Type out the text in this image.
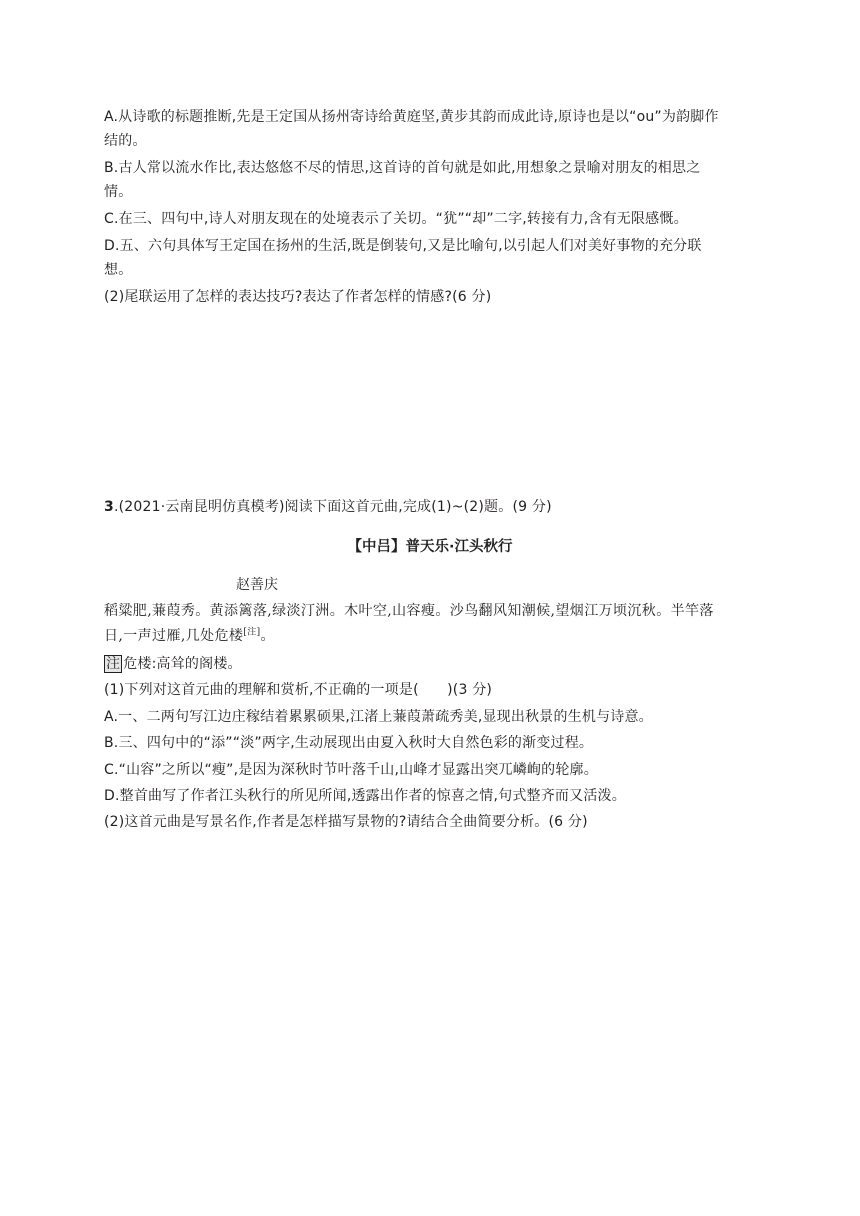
A.从诗歌的标题推断,先是王定国从扬州寄诗给黄庭坚,黄步其韵而成此诗,原诗也是以“ou”为韵脚作
结的。
B.古人常以流水作比,表达悠悠不尽的情思,这首诗的首句就是如此,用想象之景喻对朋友的相思之
情。
C.在三、四句中,诗人对朋友现在的处境表示了关切。“犹”“却”二字,转接有力,含有无限感慨。
D.五、六句具体写王定国在扬州的生活,既是倒装句,又是比喻句,以引起人们对美好事物的充分联
想。
(2)尾联运用了怎样的表达技巧?表达了作者怎样的情感?(6 分)
3.(2021·云南昆明仿真模考)阅读下面这首元曲,完成(1)~(2)题。(9 分)
【中吕】普天乐·江头秋行
赵善庆
稻粱肥,蒹葭秀。黄添篱落,绿淡汀洲。木叶空,山容瘦。沙鸟翻风知潮候,望烟江万顷沉秋。半竿落
日,一声过雁,几处危楼[注]。
注 危楼:高耸的阁楼。
(1)下列对这首元曲的理解和赏析,不正确的一项是(　　)(3 分)
A.一、二两句写江边庄稼结着累累硕果,江渚上蒹葭萧疏秀美,显现出秋景的生机与诗意。
B.三、四句中的“添”“淡”两字,生动展现出由夏入秋时大自然色彩的渐变过程。
C.“山容”之所以“瘦”,是因为深秋时节叶落千山,山峰才显露出突兀嶙峋的轮廓。
D.整首曲写了作者江头秋行的所见所闻,透露出作者的惊喜之情,句式整齐而又活泼。
(2)这首元曲是写景名作,作者是怎样描写景物的?请结合全曲简要分析。(6 分)
